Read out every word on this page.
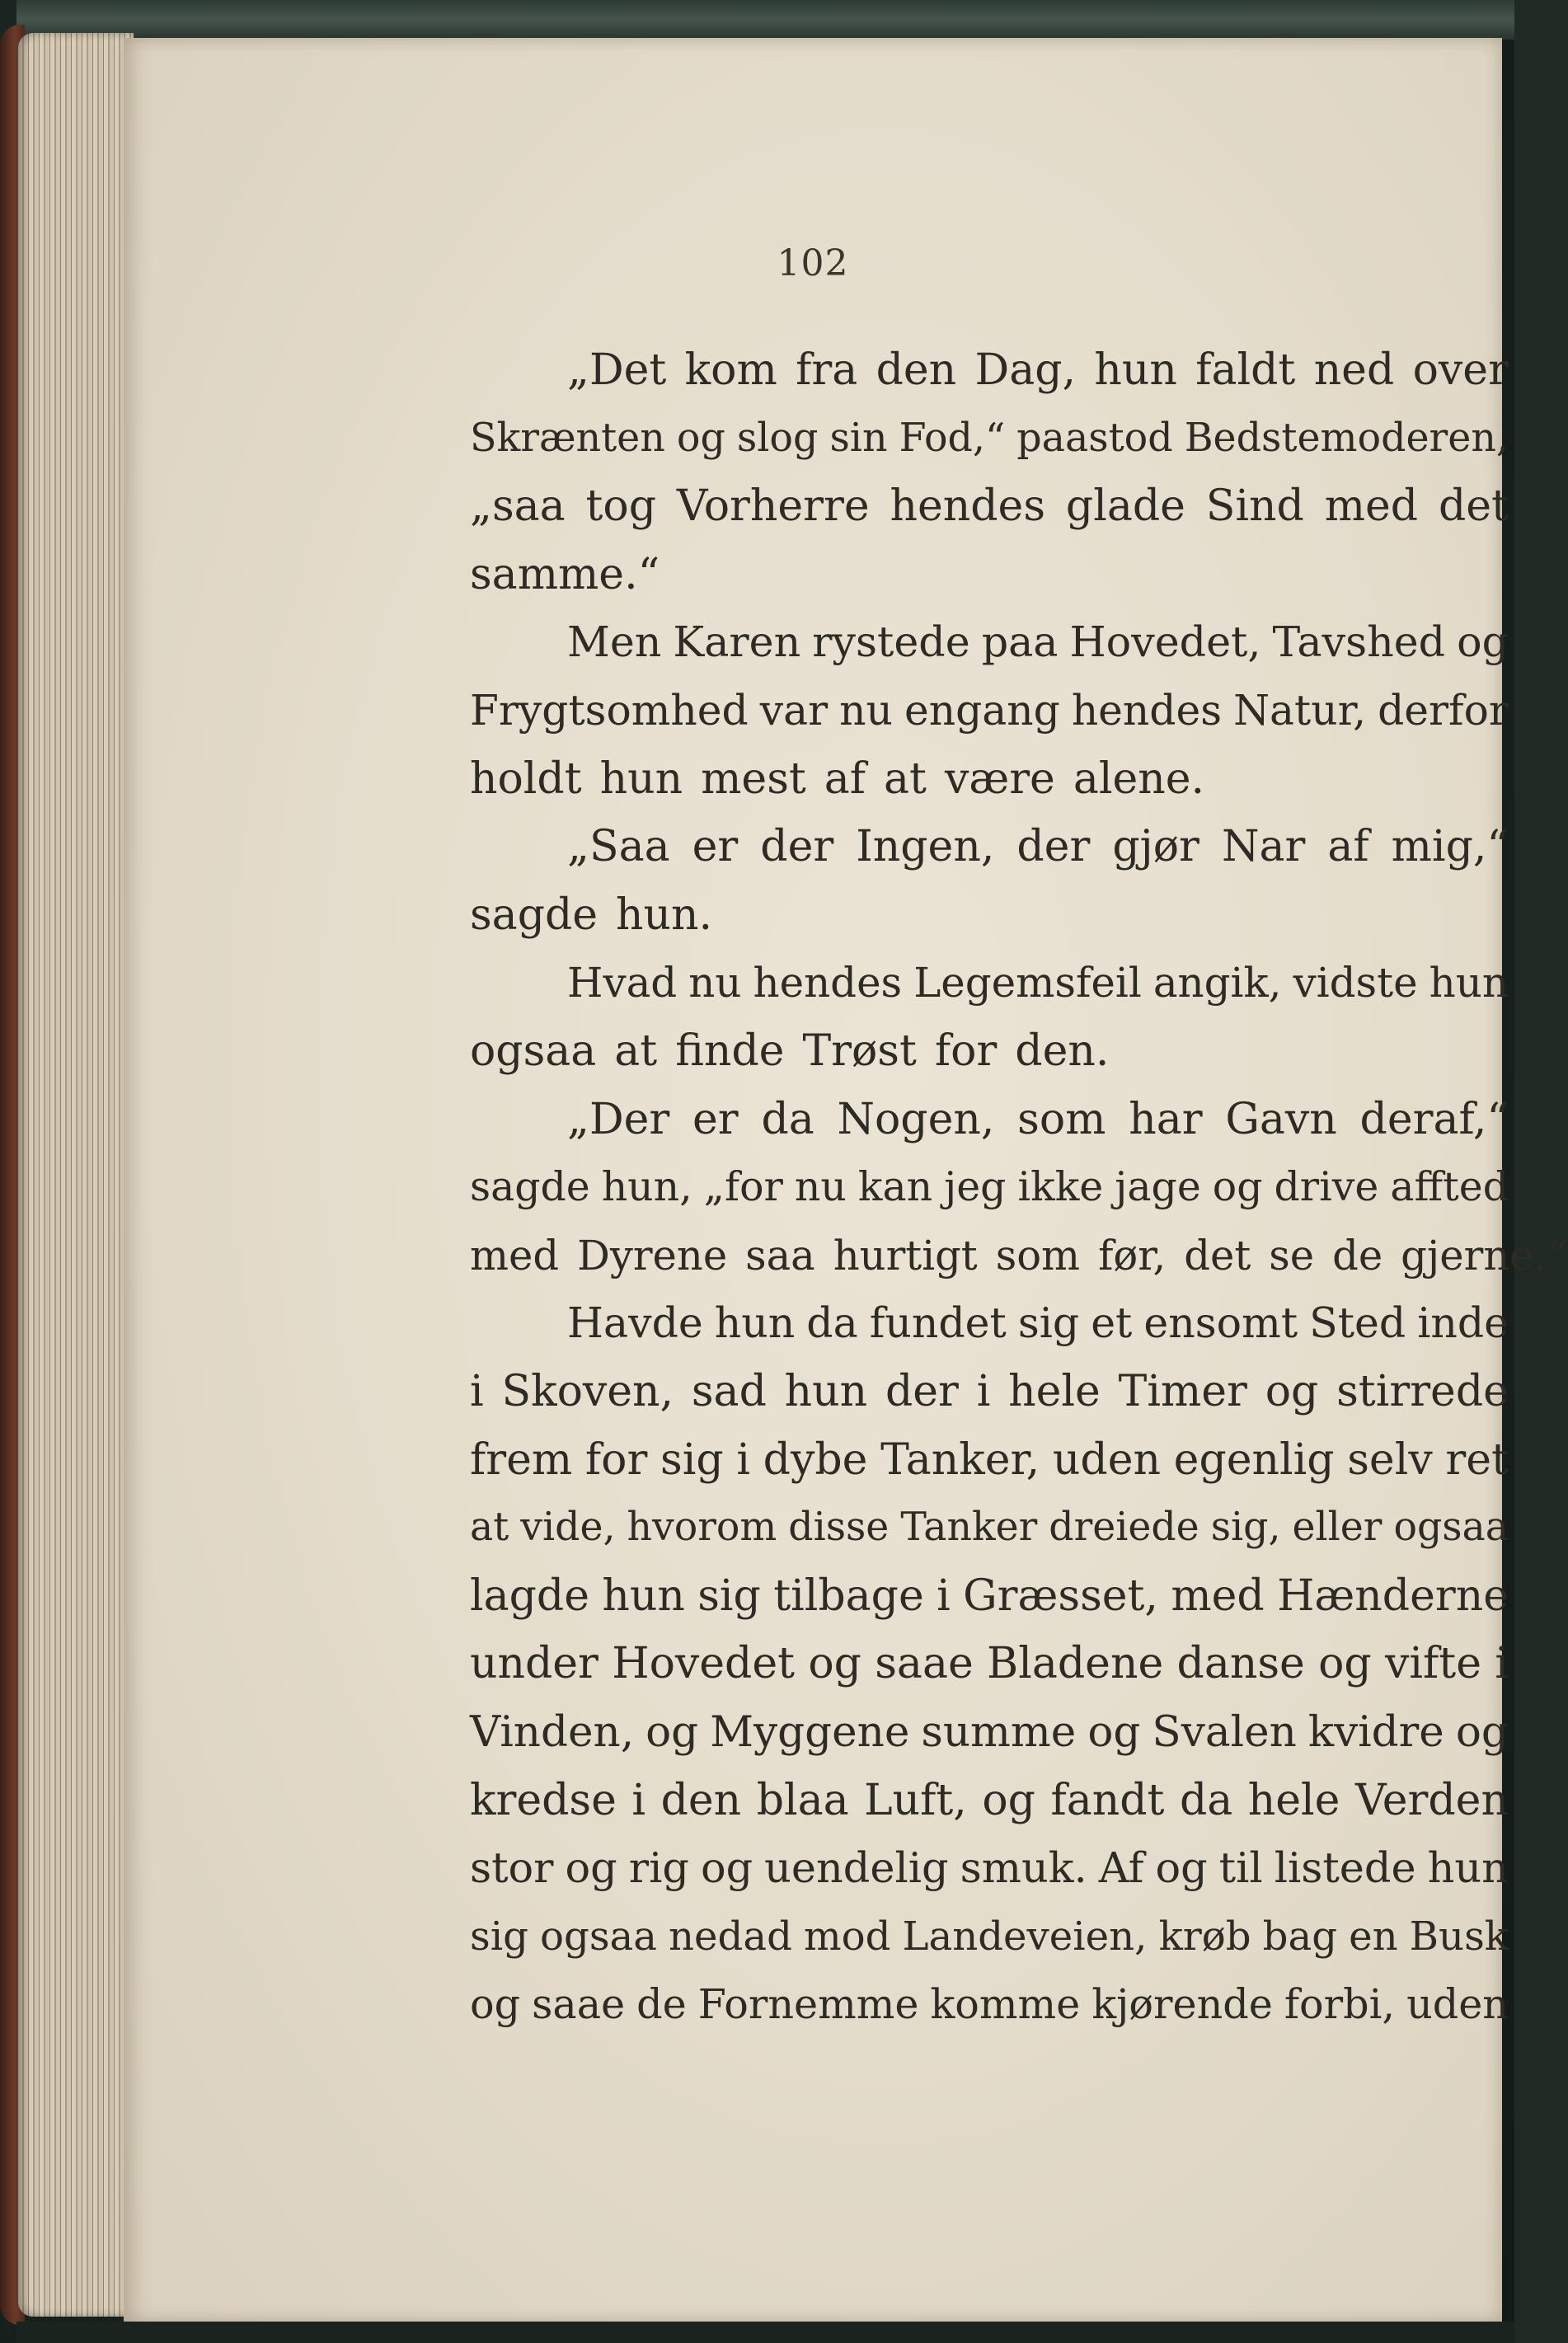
102
„Det kom fra den Dag, hun faldt ned over
Skrænten og slog sin Fod,“ paastod Bedstemoderen,
„saa tog Vorherre hendes glade Sind med det
samme.“
Men Karen rystede paa Hovedet, Tavshed og
Frygtsomhed var nu engang hendes Natur, derfor
holdt hun mest af at være alene.
„Saa er der Ingen, der gjør Nar af mig,“
sagde hun.
Hvad nu hendes Legemsfeil angik, vidste hun
ogsaa at finde Trøst for den.
„Der er da Nogen, som har Gavn deraf,“
sagde hun, „for nu kan jeg ikke jage og drive affted
med Dyrene saa hurtigt som før, det se de gjerne.“
Havde hun da fundet sig et ensomt Sted inde
i Skoven, sad hun der i hele Timer og stirrede
frem for sig i dybe Tanker, uden egenlig selv ret
at vide, hvorom disse Tanker dreiede sig, eller ogsaa
lagde hun sig tilbage i Græsset, med Hænderne
under Hovedet og saae Bladene danse og vifte i
Vinden, og Myggene summe og Svalen kvidre og
kredse i den blaa Luft, og fandt da hele Verden
stor og rig og uendelig smuk. Af og til listede hun
sig ogsaa nedad mod Landeveien, krøb bag en Busk
og saae de Fornemme komme kjørende forbi, uden
